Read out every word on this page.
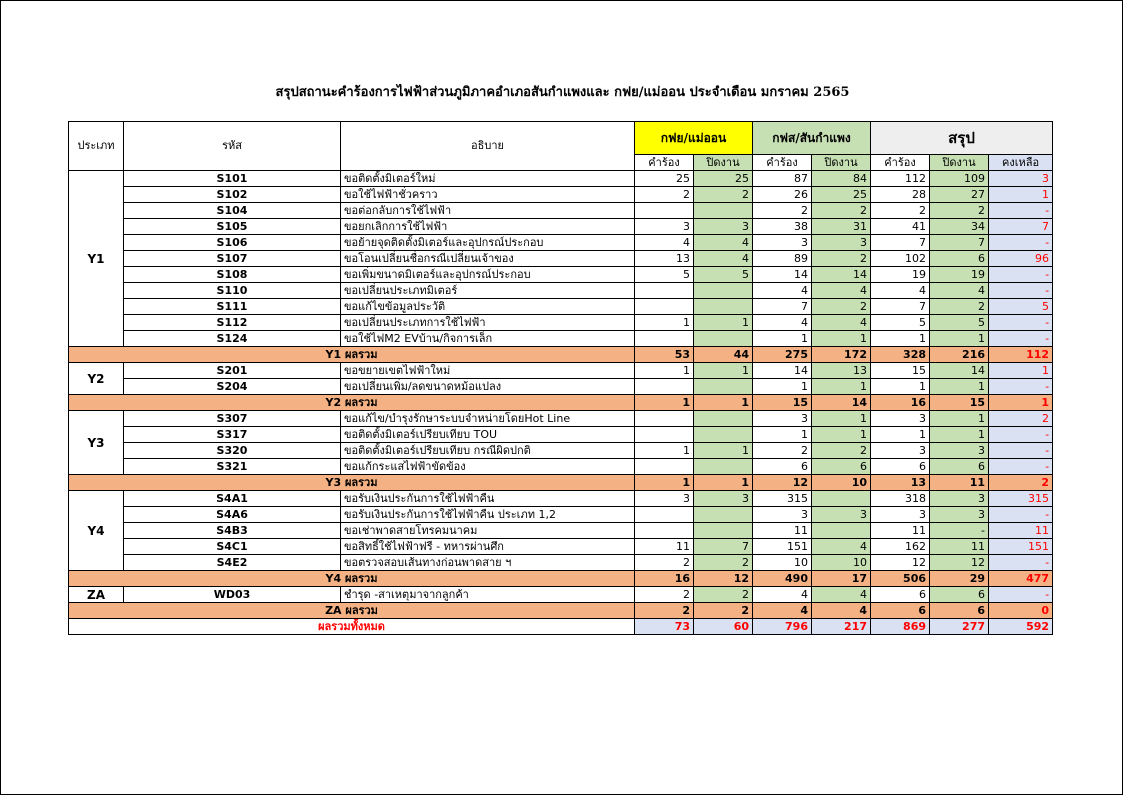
สรุปสถานะคำร้องการไฟฟ้าส่วนภูมิภาคอำเภอสันกำแพงและ กฟย/แม่ออน ประจำเดือน มกราคม 2565
ประเภท	รหัส	อธิบาย	กฟย/แม่ออน		กฟส/สันกำแพง		สรุป		
			คำร้อง	ปิดงาน	คำร้อง	ปิดงาน	คำร้อง	ปิดงาน	คงเหลือ
Y1	S101	ขอติดตั้งมิเตอร์ใหม่	25	25	87	84	112	109	3
	S102	ขอใช้ไฟฟ้าชั่วคราว	2	2	26	25	28	27	1
	S104	ขอต่อกลับการใช้ไฟฟ้า			2	2	2	2	-
	S105	ขอยกเลิกการใช้ไฟฟ้า	3	3	38	31	41	34	7
	S106	ขอย้ายจุดติดตั้งมิเตอร์และอุปกรณ์ประกอบ	4	4	3	3	7	7	-
	S107	ขอโอนเปลี่ยนชื่อกรณีเปลี่ยนเจ้าของ	13	4	89	2	102	6	96
	S108	ขอเพิ่มขนาดมิเตอร์และอุปกรณ์ประกอบ	5	5	14	14	19	19	-
	S110	ขอเปลี่ยนประเภทมิเตอร์			4	4	4	4	-
	S111	ขอแก้ไขข้อมูลประวัติ			7	2	7	2	5
	S112	ขอเปลี่ยนประเภทการใช้ไฟฟ้า	1	1	4	4	5	5	-
	S124	ขอใช้ไฟM2 EVบ้าน/กิจการเล็ก			1	1	1	1	-
Y1 ผลรวม			53	44	275	172	328	216	112
Y2	S201	ขอขยายเขตไฟฟ้าใหม่	1	1	14	13	15	14	1
	S204	ขอเปลี่ยนเพิ่ม/ลดขนาดหม้อแปลง			1	1	1	1	-
Y2 ผลรวม			1	1	15	14	16	15	1
Y3	S307	ขอแก้ไข/บำรุงรักษาระบบจำหน่ายโดยHot Line			3	1	3	1	2
	S317	ขอติดตั้งมิเตอร์เปรียบเทียบ TOU			1	1	1	1	-
	S320	ขอติดตั้งมิเตอร์เปรียบเทียบ กรณีผิดปกติ	1	1	2	2	3	3	-
	S321	ขอแก้กระแสไฟฟ้าขัดข้อง			6	6	6	6	-
Y3 ผลรวม			1	1	12	10	13	11	2
Y4	S4A1	ขอรับเงินประกันการใช้ไฟฟ้าคืน	3	3	315		318	3	315
	S4A6	ขอรับเงินประกันการใช้ไฟฟ้าคืน ประเภท 1,2			3	3	3	3	-
	S4B3	ขอเช่าพาดสายโทรคมนาคม			11		11	-	11
	S4C1	ขอสิทธิ์ใช้ไฟฟ้าฟรี - ทหารผ่านศึก	11	7	151	4	162	11	151
	S4E2	ขอตรวจสอบเส้นทางก่อนพาดสาย ฯ	2	2	10	10	12	12	-
Y4 ผลรวม			16	12	490	17	506	29	477
ZA	WD03	ชำรุด -สาเหตุมาจากลูกค้า	2	2	4	4	6	6	-
ZA ผลรวม			2	2	4	4	6	6	0
ผลรวมทั้งหมด			73	60	796	217	869	277	592
